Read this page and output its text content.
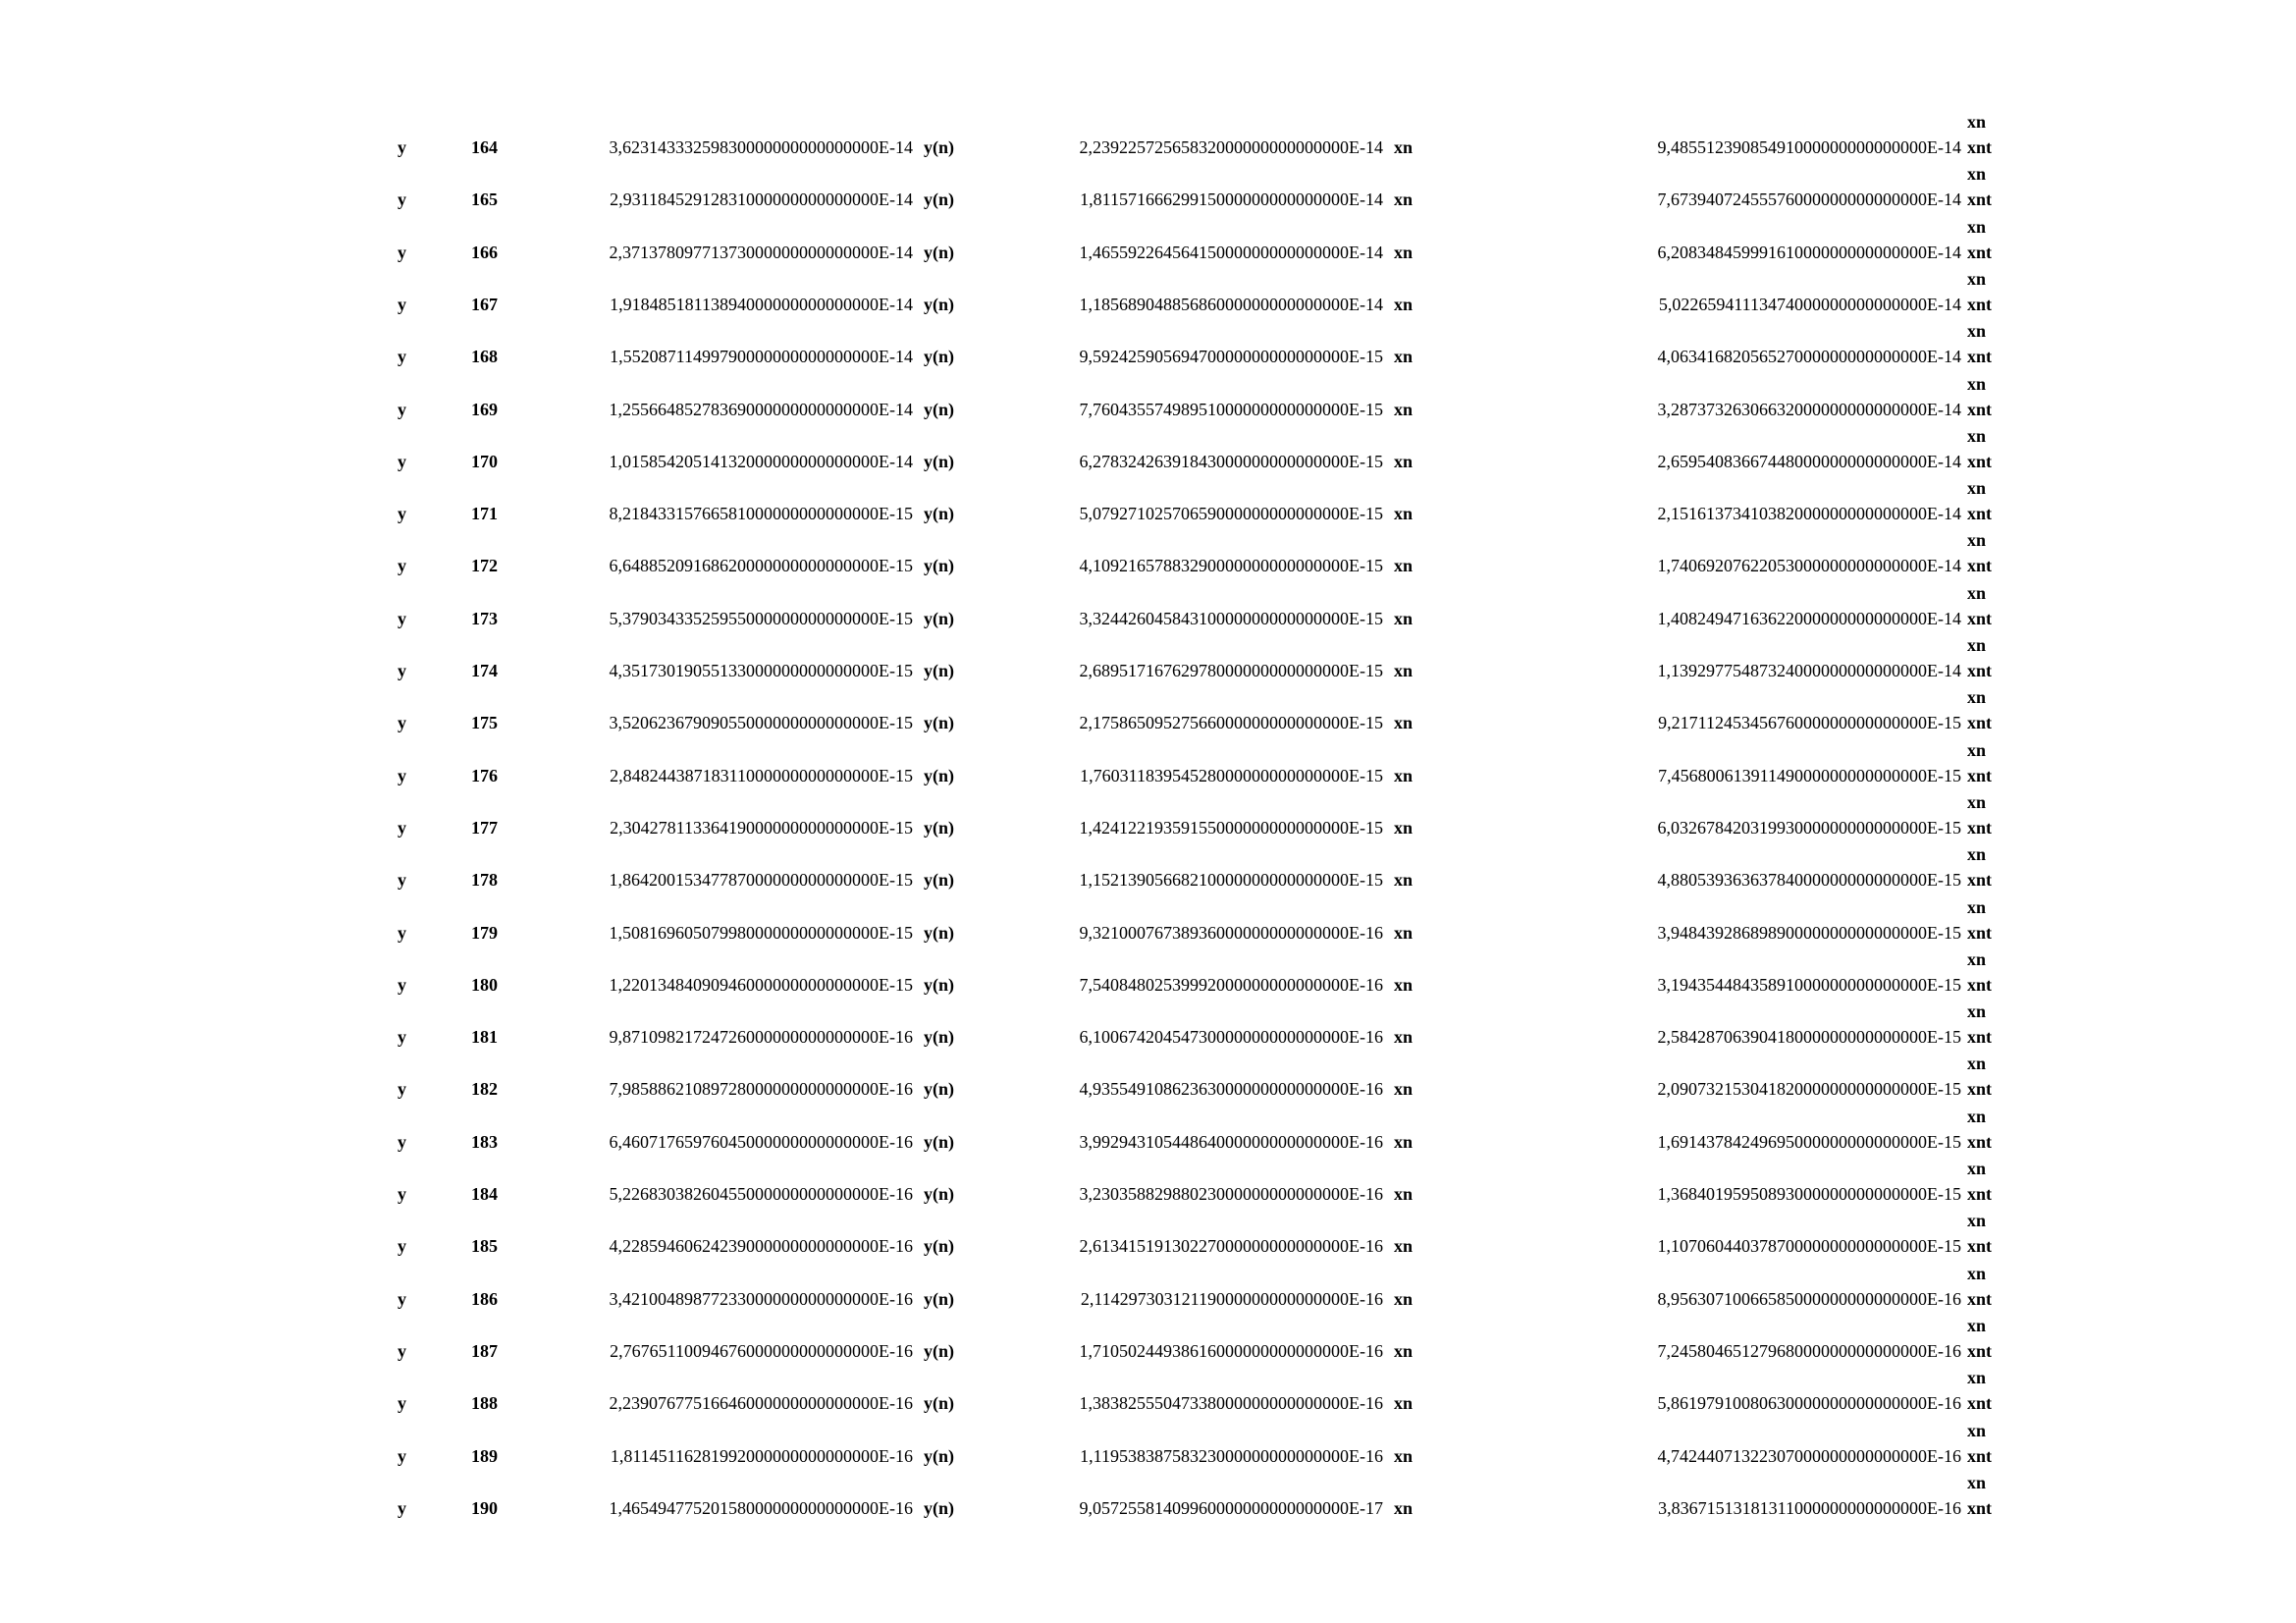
y	164	3,62314333259830000000000000000E-14 y(n)	2,23922572565832000000000000000E-14 xn	9,48551239085491000000000000000E-14 xnt
xn
y	165	2,93118452912831000000000000000E-14 y(n)	1,81157166629915000000000000000E-14 xn	7,67394072455576000000000000000E-14 xnt
xn
y	166	2,37137809771373000000000000000E-14 y(n)	1,46559226456415000000000000000E-14 xn	6,20834845999161000000000000000E-14 xnt
xn
y	167	1,91848518113894000000000000000E-14 y(n)	1,18568904885686000000000000000E-14 xn	5,02265941113474000000000000000E-14 xnt
xn
y	168	1,55208711499790000000000000000E-14 y(n)	9,59242590569470000000000000000E-15 xn	4,06341682056527000000000000000E-14 xnt
xn
y	169	1,25566485278369000000000000000E-14 y(n)	7,76043557498951000000000000000E-15 xn	3,28737326306632000000000000000E-14 xnt
xn
y	170	1,01585420514132000000000000000E-14 y(n)	6,27832426391843000000000000000E-15 xn	2,65954083667448000000000000000E-14 xnt
xn
y	171	8,21843315766581000000000000000E-15 y(n)	5,07927102570659000000000000000E-15 xn	2,15161373410382000000000000000E-14 xnt
xn
y	172	6,64885209168620000000000000000E-15 y(n)	4,10921657883290000000000000000E-15 xn	1,74069207622053000000000000000E-14 xnt
xn
y	173	5,37903433525955000000000000000E-15 y(n)	3,32442604584310000000000000000E-15 xn	1,40824947163622000000000000000E-14 xnt
xn
y	174	4,35173019055133000000000000000E-15 y(n)	2,68951716762978000000000000000E-15 xn	1,13929775487324000000000000000E-14 xnt
xn
y	175	3,52062367909055000000000000000E-15 y(n)	2,17586509527566000000000000000E-15 xn	9,21711245345676000000000000000E-15 xnt
xn
y	176	2,84824438718311000000000000000E-15 y(n)	1,76031183954528000000000000000E-15 xn	7,45680061391149000000000000000E-15 xnt
xn
y	177	2,30427811336419000000000000000E-15 y(n)	1,42412219359155000000000000000E-15 xn	6,03267842031993000000000000000E-15 xnt
xn
y	178	1,86420015347787000000000000000E-15 y(n)	1,15213905668210000000000000000E-15 xn	4,88053936363784000000000000000E-15 xnt
xn
y	179	1,50816960507998000000000000000E-15 y(n)	9,32100076738936000000000000000E-16 xn	3,94843928689890000000000000000E-15 xnt
xn
y	180	1,22013484090946000000000000000E-15 y(n)	7,54084802539992000000000000000E-16 xn	3,19435448435891000000000000000E-15 xnt
xn
y	181	9,87109821724726000000000000000E-16 y(n)	6,10067420454730000000000000000E-16 xn	2,58428706390418000000000000000E-15 xnt
xn
y	182	7,98588621089728000000000000000E-16 y(n)	4,93554910862363000000000000000E-16 xn	2,09073215304182000000000000000E-15 xnt
xn
y	183	6,46071765976045000000000000000E-16 y(n)	3,99294310544864000000000000000E-16 xn	1,69143784249695000000000000000E-15 xnt
xn
y	184	5,22683038260455000000000000000E-16 y(n)	3,23035882988023000000000000000E-16 xn	1,36840195950893000000000000000E-15 xnt
xn
y	185	4,22859460624239000000000000000E-16 y(n)	2,61341519130227000000000000000E-16 xn	1,10706044037870000000000000000E-15 xnt
xn
y	186	3,42100489877233000000000000000E-16 y(n)	2,11429730312119000000000000000E-16 xn	8,95630710066585000000000000000E-16 xnt
xn
y	187	2,76765110094676000000000000000E-16 y(n)	1,71050244938616000000000000000E-16 xn	7,24580465127968000000000000000E-16 xnt
xn
y	188	2,23907677516646000000000000000E-16 y(n)	1,38382555047338000000000000000E-16 xn	5,86197910080630000000000000000E-16 xnt
xn
y	189	1,81145116281992000000000000000E-16 y(n)	1,11953838758323000000000000000E-16 xn	4,74244071322307000000000000000E-16 xnt
xn
y	190	1,46549477520158000000000000000E-16 y(n)	9,05725581409960000000000000000E-17 xn	3,83671513181311000000000000000E-16 xnt
xn
